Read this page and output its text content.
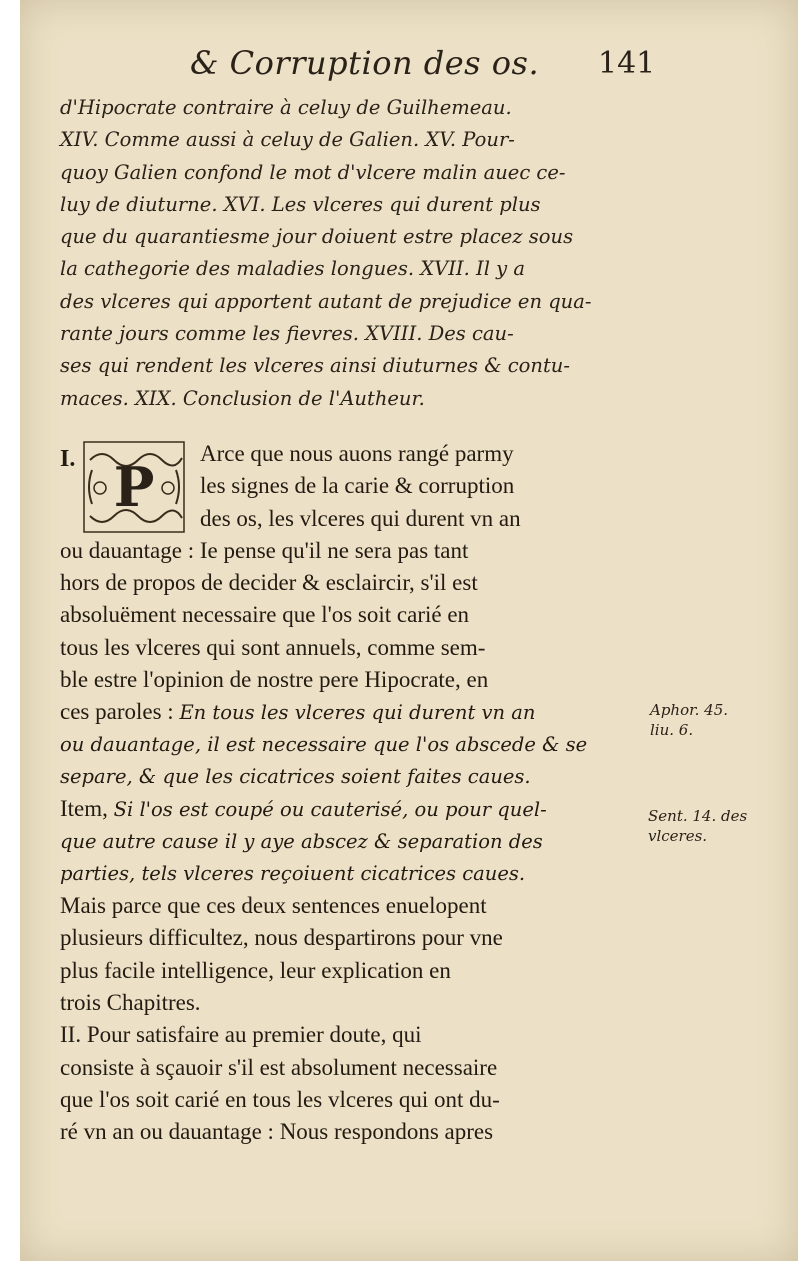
& Corruption des os. 141
d'Hipocrate contraire à celuy de Guilhemeau.
XIV. Comme aussi à celuy de Galien. XV. Pour-
quoy Galien confond le mot d'vlcere malin auec ce-
luy de diuturne. XVI. Les vlceres qui durent plus
que du quarantiesme jour doiuent estre placez sous
la cathegorie des maladies longues. XVII. Il y a
des vlceres qui apportent autant de prejudice en qua-
rante jours comme les fievres. XVIII. Des cau-
ses qui rendent les vlceres ainsi diuturnes & contu-
maces. XIX. Conclusion de l'Autheur.
I. P
Arce que nous auons rangé parmy
les signes de la carie & corruption
des os, les vlceres qui durent vn an
ou dauantage : Ie pense qu'il ne sera pas tant
hors de propos de decider & esclaircir, s'il est
absoluëment necessaire que l'os soit carié en
tous les vlceres qui sont annuels, comme sem-
ble estre l'opinion de nostre pere Hipocrate, en
ces paroles : En tous les vlceres qui durent vn an
ou dauantage, il est necessaire que l'os abscede & se
separe, & que les cicatrices soient faites caues.
Item, Si l'os est coupé ou cauterisé, ou pour quel-
que autre cause il y aye abscez & separation des
parties, tels vlceres reçoiuent cicatrices caues.
Mais parce que ces deux sentences enuelopent
plusieurs difficultez, nous despartirons pour vne
plus facile intelligence, leur explication en
trois Chapitres.
II. Pour satisfaire au premier doute, qui
consiste à sçauoir s'il est absolument necessaire
que l'os soit carié en tous les vlceres qui ont du-
ré vn an ou dauantage : Nous respondons apres
Aphor. 45.
liu. 6.
Sent. 14. des
vlceres.
